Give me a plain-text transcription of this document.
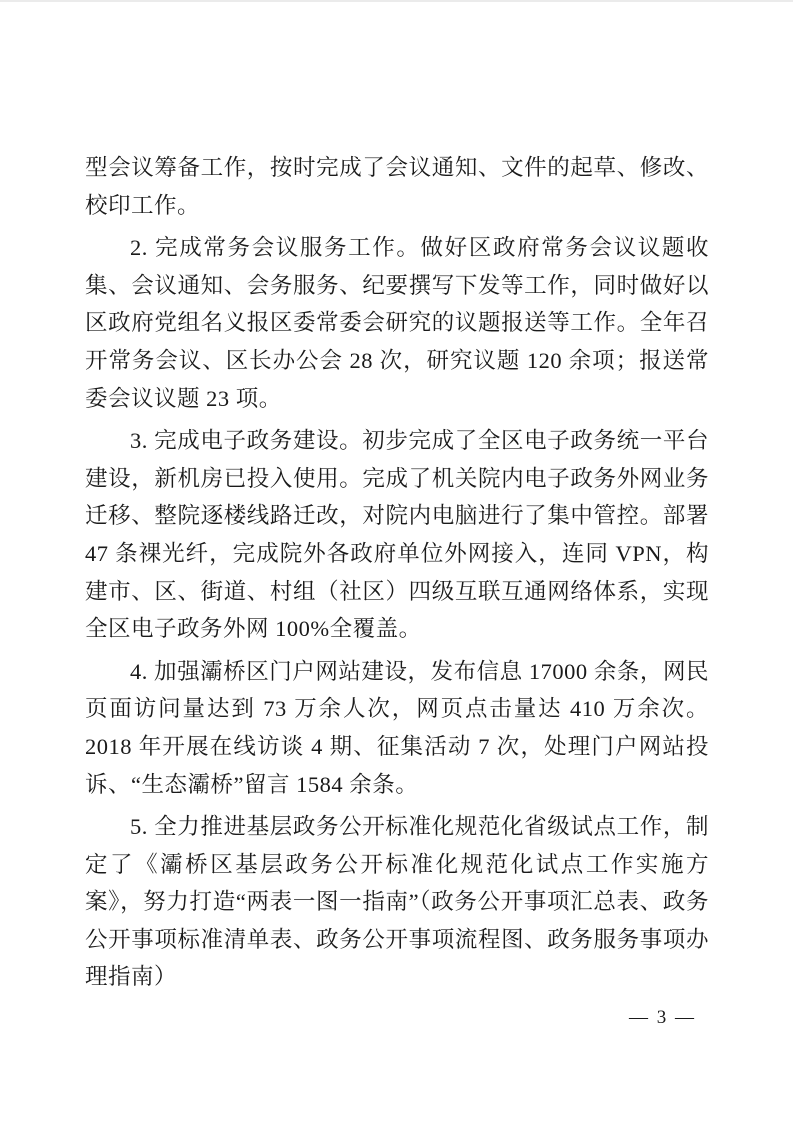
型会议筹备工作，按时完成了会议通知、文件的起草、修改、校印工作。

2. 完成常务会议服务工作。做好区政府常务会议议题收集、会议通知、会务服务、纪要撰写下发等工作，同时做好以区政府党组名义报区委常委会研究的议题报送等工作。全年召开常务会议、区长办公会 28 次，研究议题 120 余项；报送常委会议议题 23 项。

3. 完成电子政务建设。初步完成了全区电子政务统一平台建设，新机房已投入使用。完成了机关院内电子政务外网业务迁移、整院逐楼线路迁改，对院内电脑进行了集中管控。部署 47 条裸光纤，完成院外各政府单位外网接入，连同 VPN，构建市、区、街道、村组（社区）四级互联互通网络体系，实现全区电子政务外网 100%全覆盖。

4. 加强灞桥区门户网站建设，发布信息 17000 余条，网民页面访问量达到 73 万余人次，网页点击量达 410 万余次。2018 年开展在线访谈 4 期、征集活动 7 次，处理门户网站投诉、“生态灞桥”留言 1584 余条。

5. 全力推进基层政务公开标准化规范化省级试点工作，制定了《灞桥区基层政务公开标准化规范化试点工作实施方案》，努力打造“两表一图一指南”（政务公开事项汇总表、政务公开事项标准清单表、政务公开事项流程图、政务服务事项办理指南）

— 3 —
